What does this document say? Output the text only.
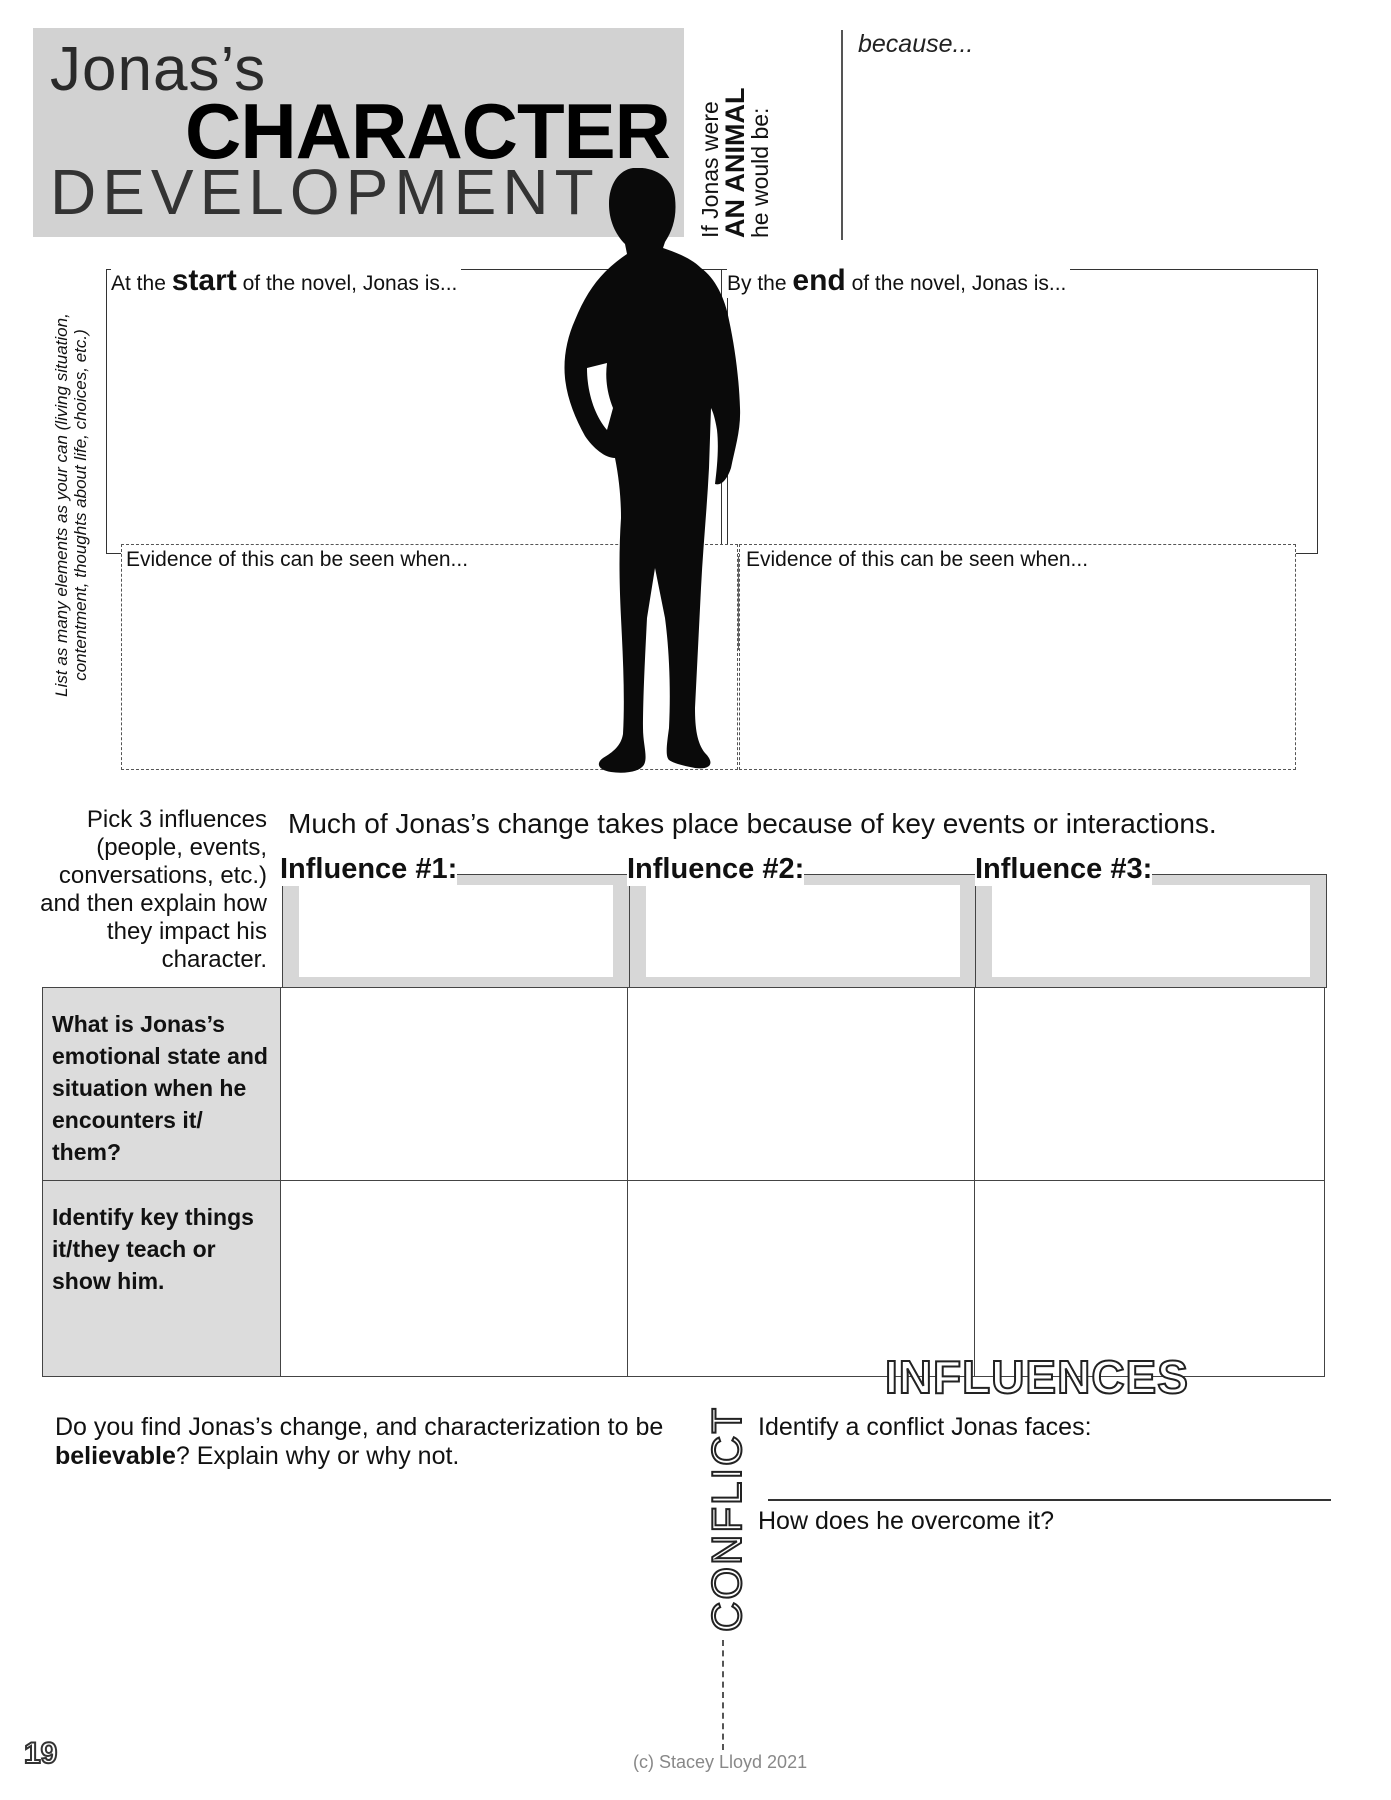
Jonas’s
CHARACTER
DEVELOPMENT	If Jonas were
AN ANIMAL
he would be:
because...
List as many elements as your can (living situation, contentment, thoughts about life, choices, etc.)
At the start of the novel, Jonas is...	By the end of the novel, Jonas is...
Evidence of this can be seen when...	Evidence of this can be seen when...
Pick 3 influences (people, events, conversations, etc.) and then explain how they impact his character.
Much of Jonas’s change takes place because of key events or interactions.
Influence #1:	Influence #2:	Influence #3:
What is Jonas’s emotional state and situation when he encounters it/ them?			
Identify key things it/they teach or show him.			
INFLUENCES
Do you find Jonas’s change, and characterization to be believable? Explain why or why not.	CONFLICT Identify a conflict Jonas faces:
How does he overcome it?
19	(c) Stacey Lloyd 2021
